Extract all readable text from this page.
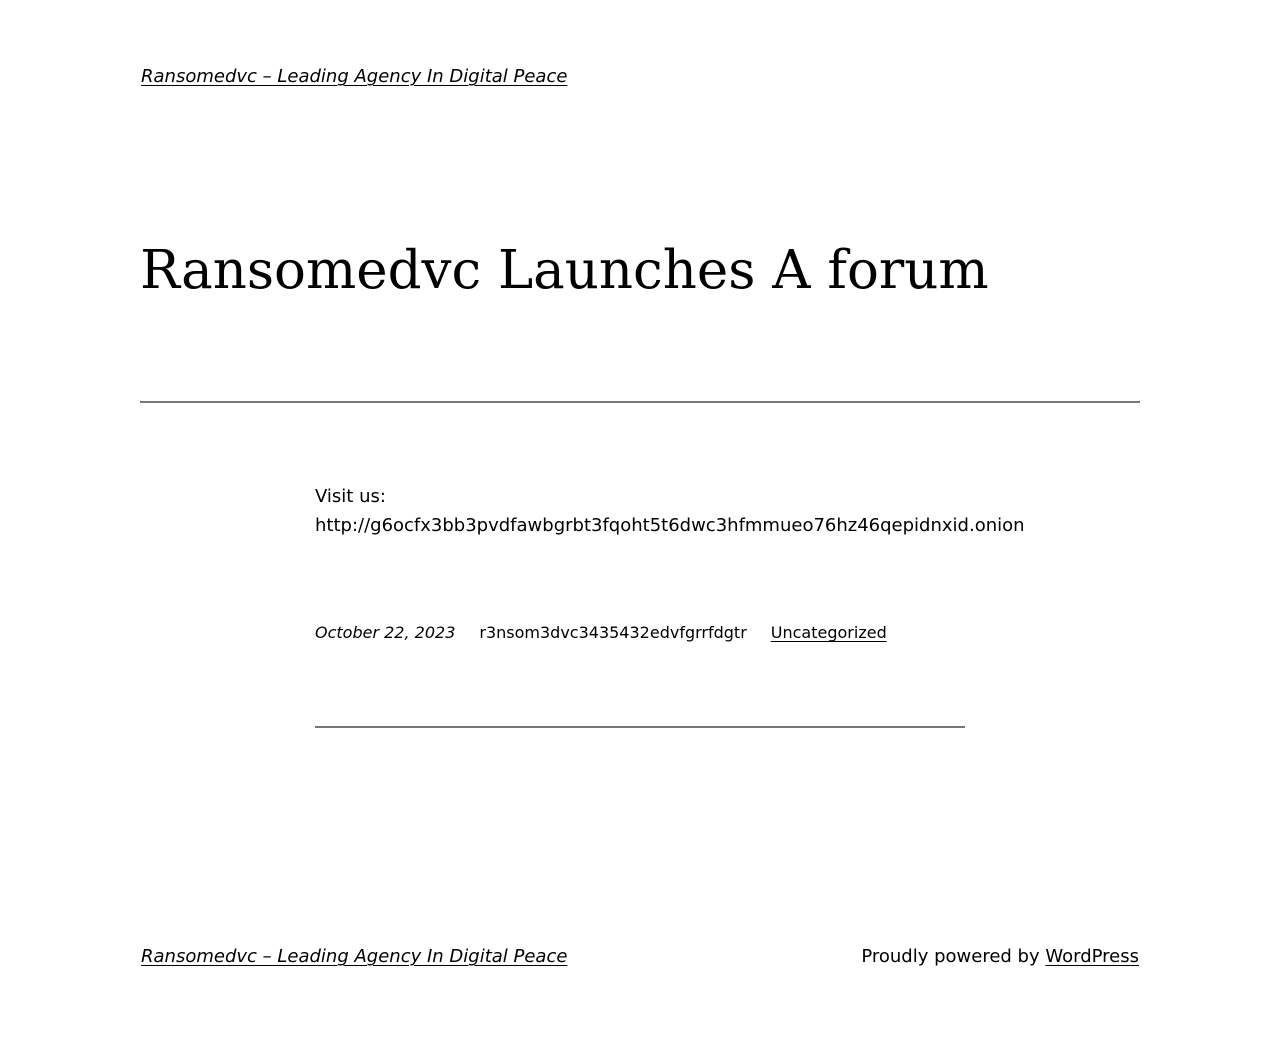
Ransomedvc – Leading Agency In Digital Peace
Ransomedvc Launches A forum

Visit us:

http://g6ocfx3bb3pvdfawbgrbt3fqoht5t6dwc3hfmmueo76hz46qepidnxid.onion

October 22, 2023 r3nsom3dvc3435432edvfgrrfdgtr Uncategorized
Ransomedvc – Leading Agency In Digital Peace	Proudly powered by WordPress
